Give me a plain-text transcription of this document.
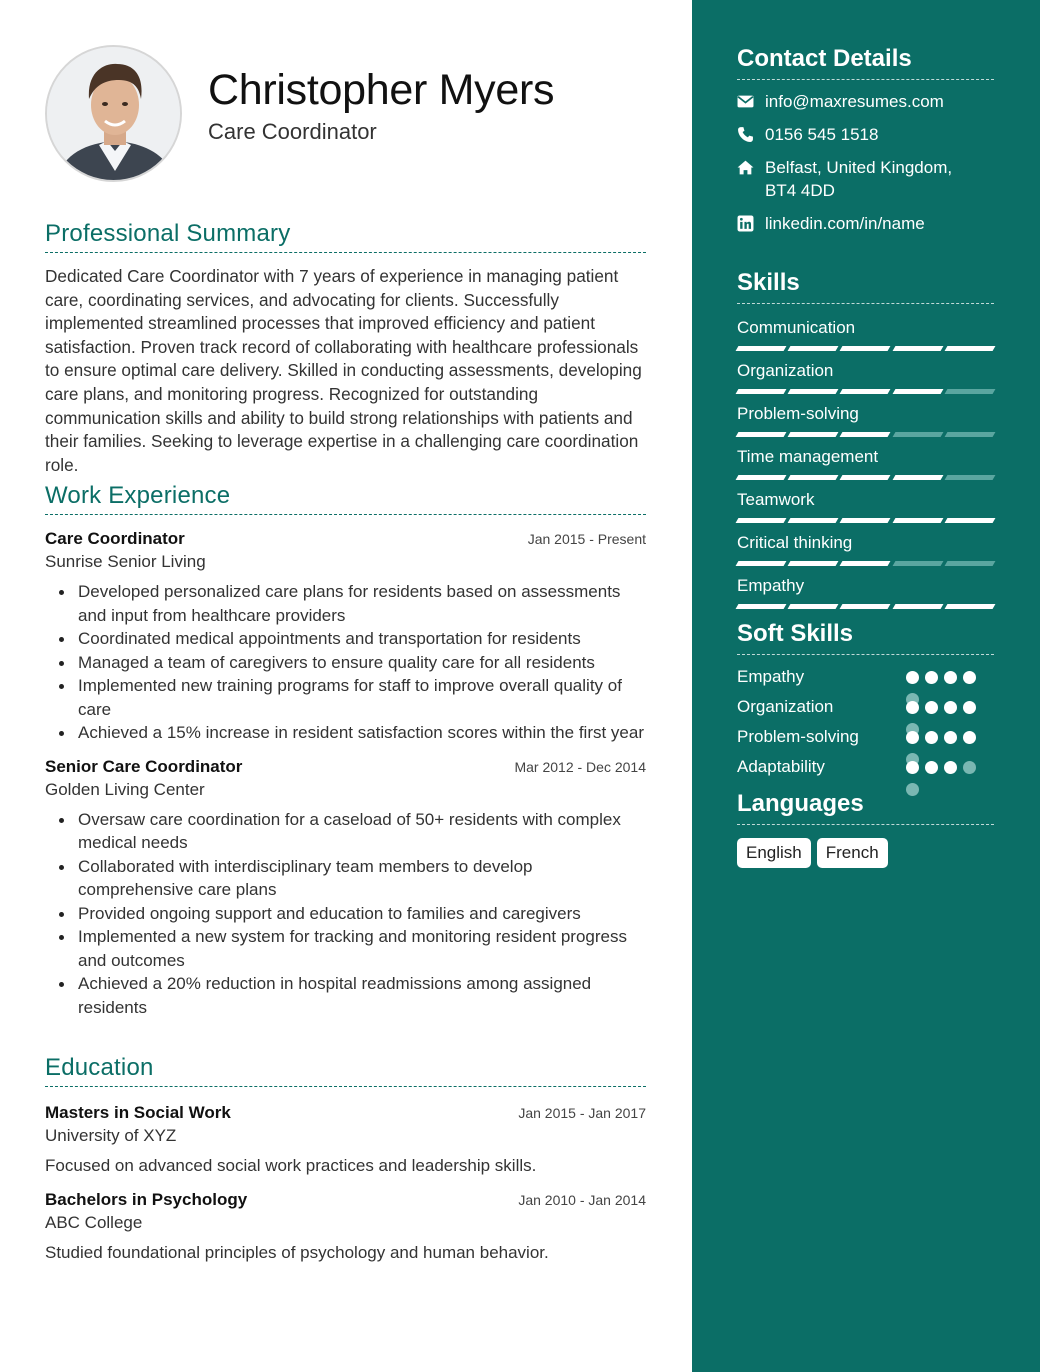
Christopher Myers
Care Coordinator
Professional Summary
Dedicated Care Coordinator with 7 years of experience in managing patient care, coordinating services, and advocating for clients. Successfully implemented streamlined processes that improved efficiency and patient satisfaction. Proven track record of collaborating with healthcare professionals to ensure optimal care delivery. Skilled in conducting assessments, developing care plans, and monitoring progress. Recognized for outstanding communication skills and ability to build strong relationships with patients and their families. Seeking to leverage expertise in a challenging care coordination role.
Work Experience
Care Coordinator	Jan 2015 - Present
Sunrise Senior Living
Developed personalized care plans for residents based on assessments and input from healthcare providers
Coordinated medical appointments and transportation for residents
Managed a team of caregivers to ensure quality care for all residents
Implemented new training programs for staff to improve overall quality of care
Achieved a 15% increase in resident satisfaction scores within the first year
Senior Care Coordinator	Mar 2012 - Dec 2014
Golden Living Center
Oversaw care coordination for a caseload of 50+ residents with complex medical needs
Collaborated with interdisciplinary team members to develop comprehensive care plans
Provided ongoing support and education to families and caregivers
Implemented a new system for tracking and monitoring resident progress and outcomes
Achieved a 20% reduction in hospital readmissions among assigned residents
Education
Masters in Social Work	Jan 2015 - Jan 2017
University of XYZ
Focused on advanced social work practices and leadership skills.
Bachelors in Psychology	Jan 2010 - Jan 2014
ABC College
Studied foundational principles of psychology and human behavior.
Contact Details
info@maxresumes.com
0156 545 1518
Belfast, United Kingdom,
BT4 4DD
linkedin.com/in/name
Skills
Communication
Organization
Problem-solving
Time management
Teamwork
Critical thinking
Empathy
Soft Skills
Empathy
Organization
Problem-solving
Adaptability
Languages
English	French
